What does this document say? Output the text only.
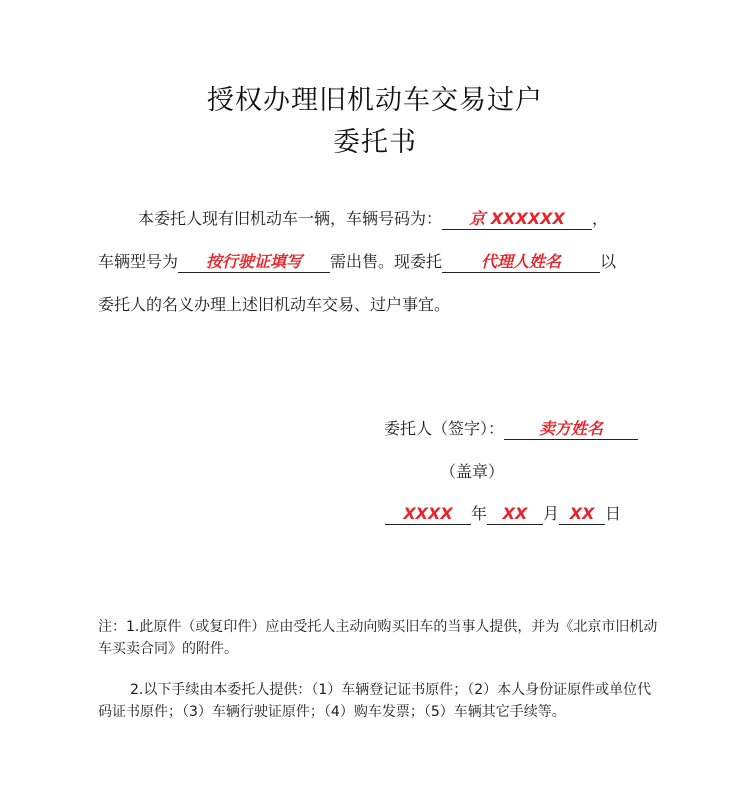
授权办理旧机动车交易过户
委托书
本委托人现有旧机动车一辆，车辆号码为： 京 XXXXXX ，
车辆型号为 按行驶证填写 需出售。现委托 代理人姓名 以
委托人的名义办理上述旧机动车交易、过户事宜。
委托人（签字）： 卖方姓名
（盖章）
XXXX 年 XX 月 XX 日
注：1.此原件（或复印件）应由受托人主动向购买旧车的当事人提供，并为《北京市旧机动车买卖合同》的附件。
2.以下手续由本委托人提供：（1）车辆登记证书原件；（2）本人身份证原件或单位代码证书原件；（3）车辆行驶证原件；（4）购车发票；（5）车辆其它手续等。
